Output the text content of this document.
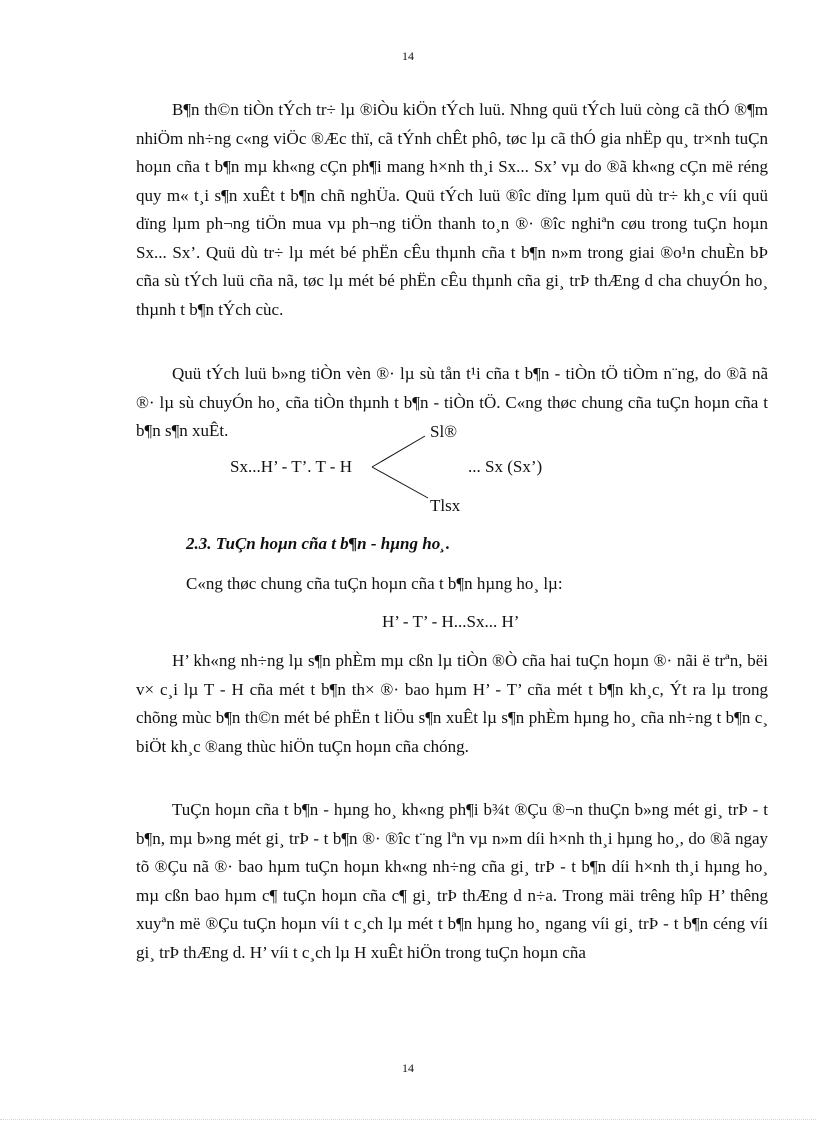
14

B¶n th©n tiÒn tÝch tr÷ lµ ®iÒu kiÖn tÝch luü. Nhng quü tÝch luü còng cã thÓ ®¶m nhiÖm nh÷ng c«ng viÖc ®Æc thï, cã tÝnh chÊt phô, tøc lµ cã thÓ gia nhËp qu¸ tr×nh tuÇn hoµn cña t b¶n mµ kh«ng cÇn ph¶i mang h×nh th¸i Sx... Sx’ vµ do ®ã kh«ng cÇn më réng quy m« t¸i s¶n xuÊt t b¶n chñ nghÜa. Quü tÝch luü ®îc dïng lµm quü dù tr÷ kh¸c víi quü dïng lµm ph¬ng tiÖn mua vµ ph¬ng tiÖn thanh to¸n ®· ®îc nghiªn cøu trong tuÇn hoµn Sx... Sx’. Quü dù tr÷ lµ mét bé phËn cÊu thµnh cña t b¶n n»m trong giai ®o¹n chuÈn bÞ cña sù tÝch luü cña nã, tøc lµ mét bé phËn cÊu thµnh cña gi¸ trÞ thÆng d cha chuyÓn ho¸ thµnh t b¶n tÝch cùc.

Quü tÝch luü b»ng tiÒn vèn ®· lµ sù tån t¹i cña t b¶n - tiÒn tÖ tiÒm n¨ng, do ®ã nã ®· lµ sù chuyÓn ho¸ cña tiÒn thµnh t b¶n - tiÒn tÖ. C«ng thøc chung cña tuÇn hoµn cña t b¶n s¶n xuÊt.	Sl®
Sx...H’ - T’. T - H	... Sx (Sx’)
Tlsx

2.3. TuÇn hoµn cña t b¶n - hµng ho¸.

C«ng thøc chung cña tuÇn hoµn cña t b¶n hµng ho¸ lµ:

H’ - T’ - H...Sx... H’

H’ kh«ng nh÷ng lµ s¶n phÈm mµ cßn lµ tiÒn ®Ò cña hai tuÇn hoµn ®· nãi ë trªn, bëi v× c¸i lµ T - H cña mét t b¶n th× ®· bao hµm H’ - T’ cña mét t b¶n kh¸c, Ýt ra lµ trong chõng mùc b¶n th©n mét bé phËn t liÖu s¶n xuÊt lµ s¶n phÈm hµng ho¸ cña nh÷ng t b¶n c¸ biÖt kh¸c ®ang thùc hiÖn tuÇn hoµn cña chóng.

TuÇn hoµn cña t b¶n - hµng ho¸ kh«ng ph¶i b¾t ®Çu ®¬n thuÇn b»ng mét gi¸ trÞ - t b¶n, mµ b»ng mét gi¸ trÞ - t b¶n ®· ®îc t¨ng lªn vµ n»m díi h×nh th¸i hµng ho¸, do ®ã ngay tõ ®Çu nã ®· bao hµm tuÇn hoµn kh«ng nh÷ng cña gi¸ trÞ - t b¶n díi h×nh th¸i hµng ho¸ mµ cßn bao hµm c¶ tuÇn hoµn cña c¶ gi¸ trÞ thÆng d n÷a. Trong mäi trêng hîp H’ thêng xuyªn më ®Çu tuÇn hoµn víi t c¸ch lµ mét t b¶n hµng ho¸ ngang víi gi¸ trÞ - t b¶n céng víi gi¸ trÞ thÆng d. H’ víi t c¸ch lµ H xuÊt hiÖn trong tuÇn hoµn cña

14
